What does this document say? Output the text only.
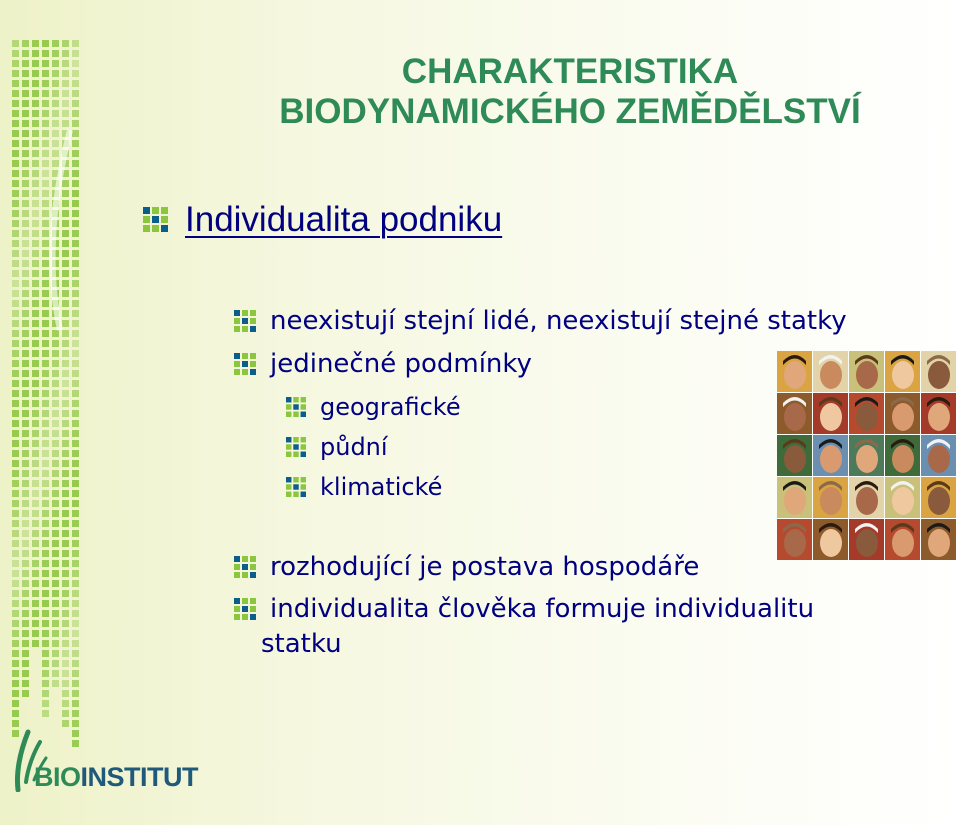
CHARAKTERISTIKA
BIODYNAMICKÉHO ZEMĚDĚLSTVÍ
Individualita podniku
neexistují stejní lidé, neexistují stejné statky
jedinečné podmínky
geografické
půdní
klimatické
rozhodující je postava hospodáře
individualita člověka formuje individualitu
statku
BIOINSTITUT
